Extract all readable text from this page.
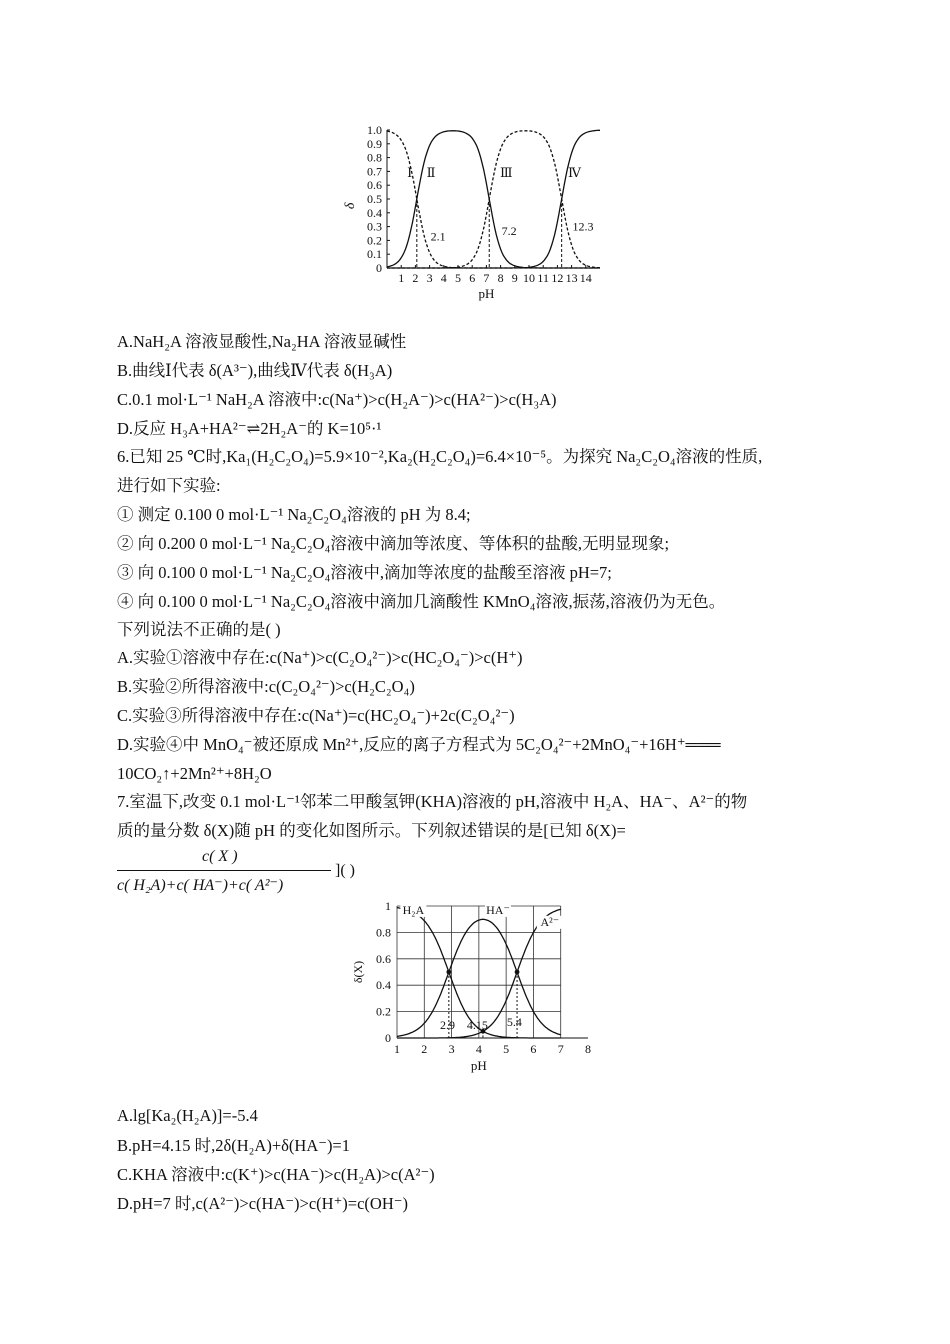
1.0
0.9
0.8
0.7
0.6
0.5
0.4
0.3
0.2
0.1
0
1 2 3 4 5 6 7 8 9 10 11 12 13 14
δ
pH
Ⅰ Ⅱ	Ⅲ	Ⅳ
2.1	7.2	12.3
A.NaH₂A 溶液显酸性,Na₂HA 溶液显碱性
B.曲线Ⅰ代表 δ(A³⁻),曲线Ⅳ代表 δ(H₃A)
C.0.1 mol·L⁻¹ NaH₂A 溶液中:c(Na⁺)>c(H₂A⁻)>c(HA²⁻)>c(H₃A)
D.反应 H₃A+HA²⁻⇌2H₂A⁻的 K=10⁵·¹
6.已知 25 ℃时,Ka₁(H₂C₂O₄)=5.9×10⁻²,Ka₂(H₂C₂O₄)=6.4×10⁻⁵。为探究 Na₂C₂O₄溶液的性质,
进行如下实验:
① 测定 0.100 0 mol·L⁻¹ Na₂C₂O₄溶液的 pH 为 8.4;
② 向 0.200 0 mol·L⁻¹ Na₂C₂O₄溶液中滴加等浓度、等体积的盐酸,无明显现象;
③ 向 0.100 0 mol·L⁻¹ Na₂C₂O₄溶液中,滴加等浓度的盐酸至溶液 pH=7;
④ 向 0.100 0 mol·L⁻¹ Na₂C₂O₄溶液中滴加几滴酸性 KMnO₄溶液,振荡,溶液仍为无色。
下列说法不正确的是( )
A.实验①溶液中存在:c(Na⁺)>c(C₂O₄²⁻)>c(HC₂O₄⁻)>c(H⁺)
B.实验②所得溶液中:c(C₂O₄²⁻)>c(H₂C₂O₄)
C.实验③所得溶液中存在:c(Na⁺)=c(HC₂O₄⁻)+2c(C₂O₄²⁻)
D.实验④中 MnO₄⁻被还原成 Mn²⁺,反应的离子方程式为 5C₂O₄²⁻+2MnO₄⁻+16H⁺═══
10CO₂↑+2Mn²⁺+8H₂O
7.室温下,改变 0.1 mol·L⁻¹邻苯二甲酸氢钾(KHA)溶液的 pH,溶液中 H₂A、HA⁻、A²⁻的物
质的量分数 δ(X)随 pH 的变化如图所示。下列叙述错误的是[已知 δ(X)=
c( X )
c( H₂A)+c( HA⁻)+c( A²⁻)
]( )
1
0.8
0.6
0.4
0.2
0
1 2 3 4 5 6 7 8
δ(X)
pH
H₂A	HA⁻
A²⁻
2.9 4.15 5.4
A.lg[Ka₂(H₂A)]=-5.4
B.pH=4.15 时,2δ(H₂A)+δ(HA⁻)=1
C.KHA 溶液中:c(K⁺)>c(HA⁻)>c(H₂A)>c(A²⁻)
D.pH=7 时,c(A²⁻)>c(HA⁻)>c(H⁺)=c(OH⁻)
